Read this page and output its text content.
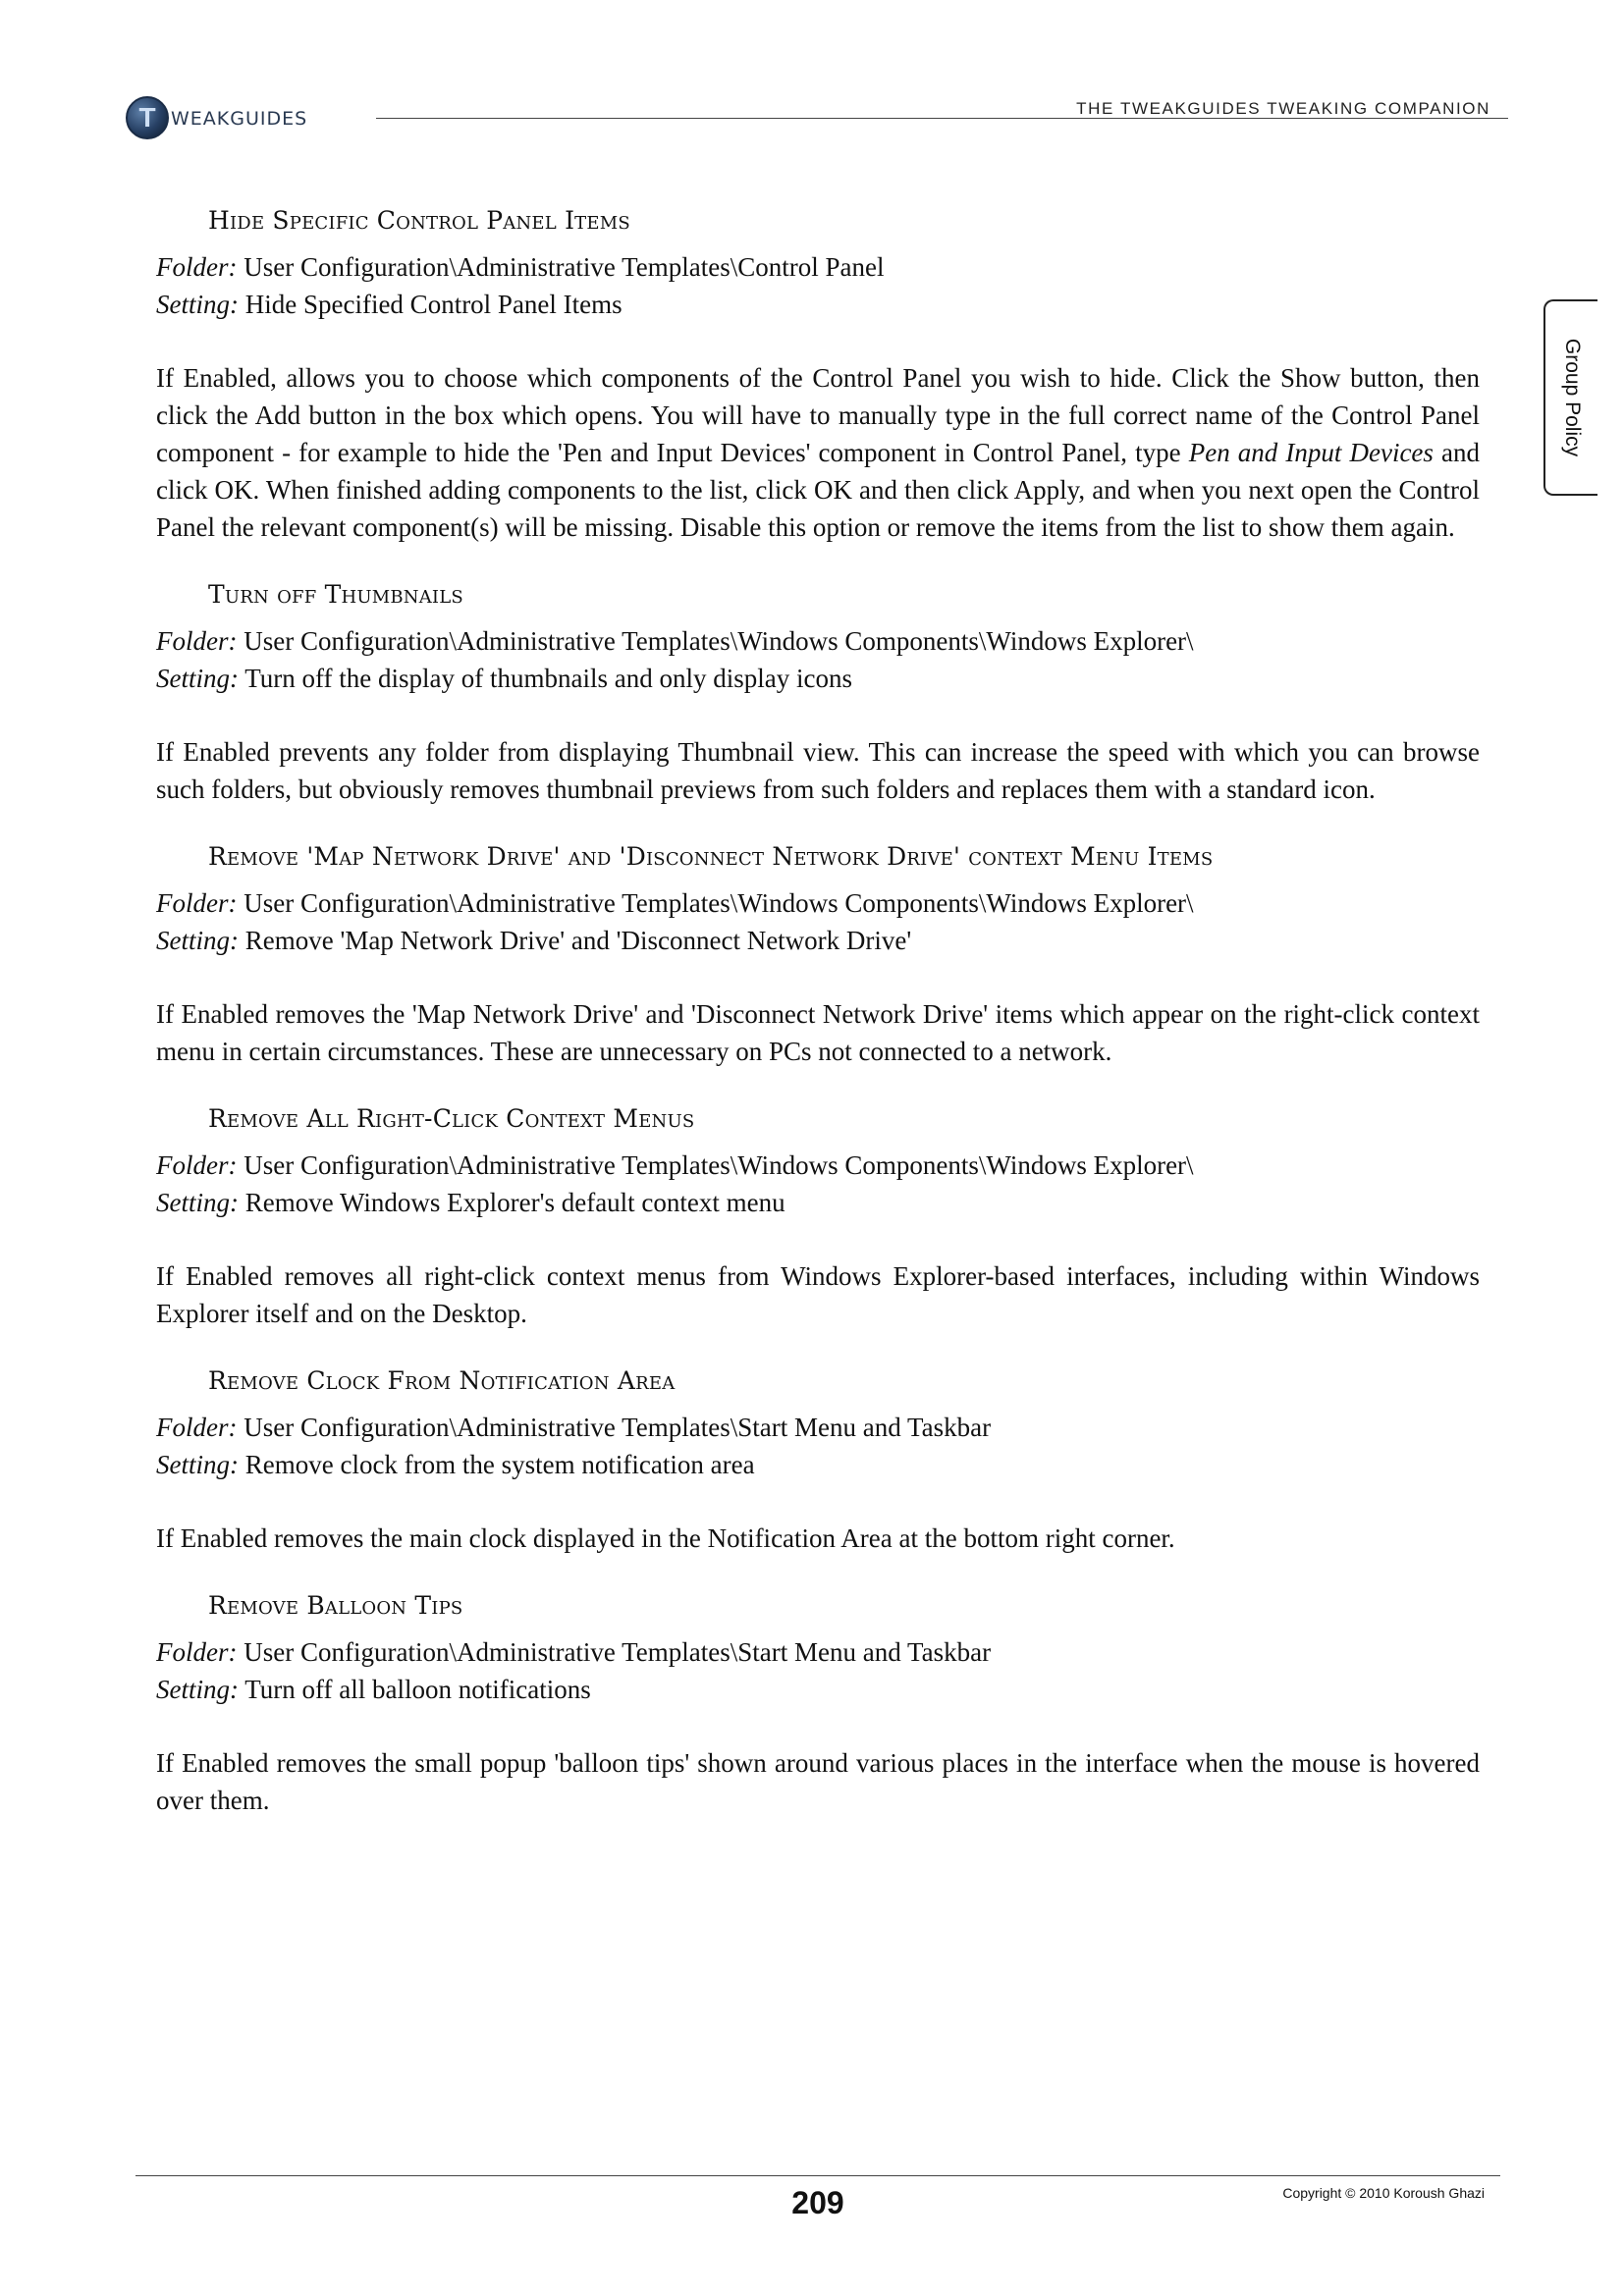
T WEAKGUIDES	THE TWEAKGUIDES TWEAKING COMPANION
Group Policy
Hide Specific Control Panel Items

Folder: User Configuration\Administrative Templates\Control Panel

Setting: Hide Specified Control Panel Items

If Enabled, allows you to choose which components of the Control Panel you wish to hide. Click the Show button, then click the Add button in the box which opens. You will have to manually type in the full correct name of the Control Panel component - for example to hide the 'Pen and Input Devices' component in Control Panel, type Pen and Input Devices and click OK. When finished adding components to the list, click OK and then click Apply, and when you next open the Control Panel the relevant component(s) will be missing. Disable this option or remove the items from the list to show them again.

Turn off Thumbnails

Folder: User Configuration\Administrative Templates\Windows Components\Windows Explorer\

Setting: Turn off the display of thumbnails and only display icons

If Enabled prevents any folder from displaying Thumbnail view. This can increase the speed with which you can browse such folders, but obviously removes thumbnail previews from such folders and replaces them with a standard icon.

Remove 'Map Network Drive' and 'Disconnect Network Drive' context Menu Items

Folder: User Configuration\Administrative Templates\Windows Components\Windows Explorer\

Setting: Remove 'Map Network Drive' and 'Disconnect Network Drive'

If Enabled removes the 'Map Network Drive' and 'Disconnect Network Drive' items which appear on the right-click context menu in certain circumstances. These are unnecessary on PCs not connected to a network.

Remove All Right-Click Context Menus

Folder: User Configuration\Administrative Templates\Windows Components\Windows Explorer\

Setting: Remove Windows Explorer's default context menu

If Enabled removes all right-click context menus from Windows Explorer-based interfaces, including within Windows Explorer itself and on the Desktop.

Remove Clock From Notification Area

Folder: User Configuration\Administrative Templates\Start Menu and Taskbar

Setting: Remove clock from the system notification area

If Enabled removes the main clock displayed in the Notification Area at the bottom right corner.

Remove Balloon Tips

Folder: User Configuration\Administrative Templates\Start Menu and Taskbar

Setting: Turn off all balloon notifications

If Enabled removes the small popup 'balloon tips' shown around various places in the interface when the mouse is hovered over them.

209	Copyright © 2010 Koroush Ghazi
